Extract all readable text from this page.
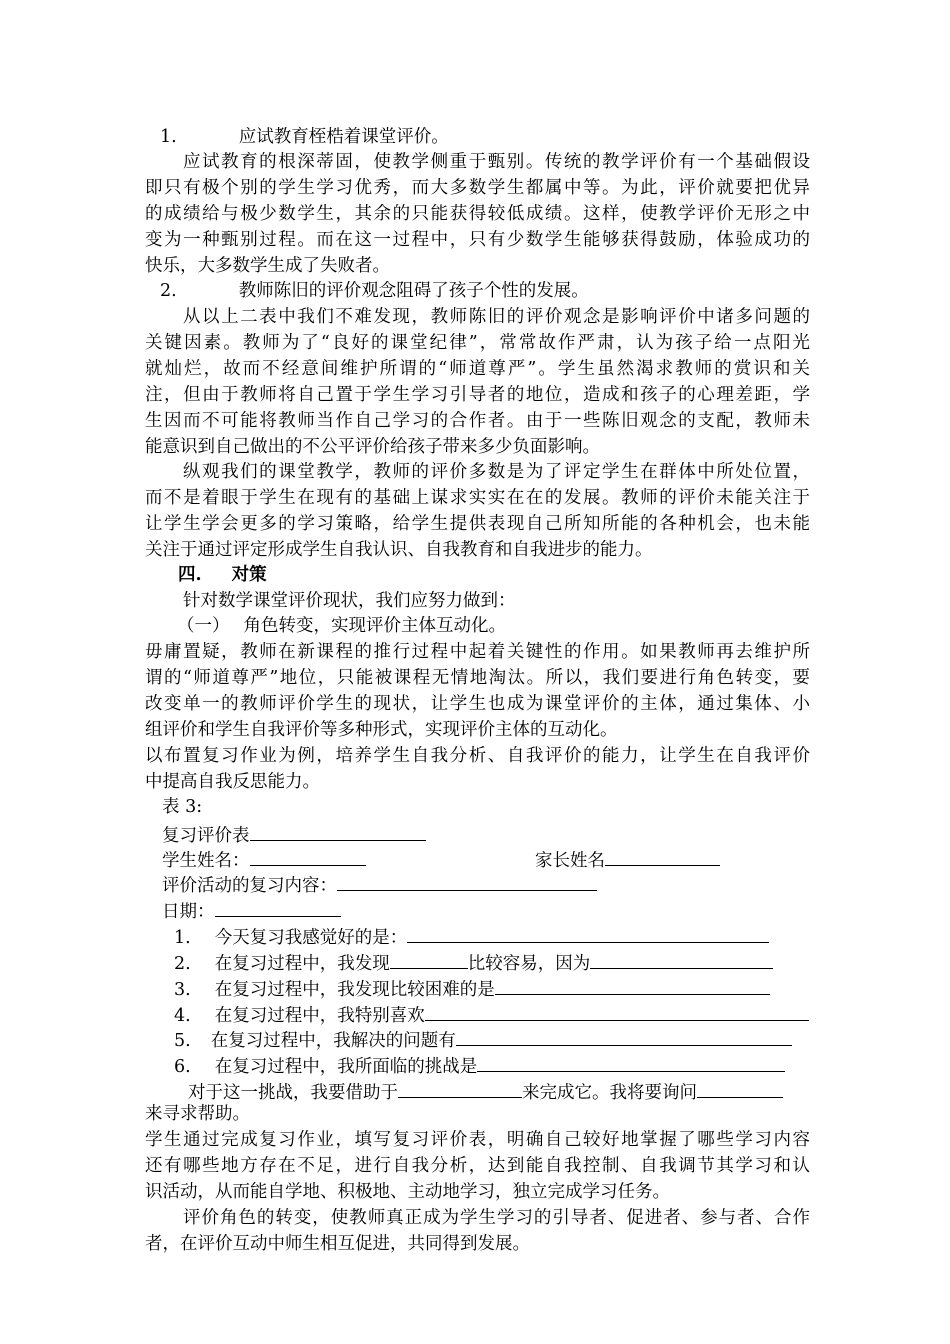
1.	应试教育桎梏着课堂评价。
应试教育的根深蒂固，使教学侧重于甄别。传统的教学评价有一个基础假设
即只有极个别的学生学习优秀，而大多数学生都属中等。为此，评价就要把优异
的成绩给与极少数学生，其余的只能获得较低成绩。这样，使教学评价无形之中
变为一种甄别过程。而在这一过程中，只有少数学生能够获得鼓励，体验成功的
快乐，大多数学生成了失败者。
2.	教师陈旧的评价观念阻碍了孩子个性的发展。
从以上二表中我们不难发现，教师陈旧的评价观念是影响评价中诸多问题的
关键因素。教师为了“良好的课堂纪律”，常常故作严肃，认为孩子给一点阳光
就灿烂，故而不经意间维护所谓的“师道尊严”。学生虽然渴求教师的赏识和关
注，但由于教师将自己置于学生学习引导者的地位，造成和孩子的心理差距，学
生因而不可能将教师当作自己学习的合作者。由于一些陈旧观念的支配，教师未
能意识到自己做出的不公平评价给孩子带来多少负面影响。
纵观我们的课堂教学，教师的评价多数是为了评定学生在群体中所处位置，
而不是着眼于学生在现有的基础上谋求实实在在的发展。教师的评价未能关注于
让学生学会更多的学习策略，给学生提供表现自己所知所能的各种机会，也未能
关注于通过评定形成学生自我认识、自我教育和自我进步的能力。
四. 对策
针对数学课堂评价现状，我们应努力做到：
（一） 角色转变，实现评价主体互动化。
毋庸置疑，教师在新课程的推行过程中起着关键性的作用。如果教师再去维护所
谓的“师道尊严”地位，只能被课程无情地淘汰。所以，我们要进行角色转变，要
改变单一的教师评价学生的现状，让学生也成为课堂评价的主体，通过集体、小
组评价和学生自我评价等多种形式，实现评价主体的互动化。
以布置复习作业为例，培养学生自我分析、自我评价的能力，让学生在自我评价
中提高自我反思能力。
表 3:
复习评价表
学生姓名：	家长姓名
评价活动的复习内容：
日期：
1. 今天复习我感觉好的是：
2. 在复习过程中，我发现	比较容易，因为
3. 在复习过程中，我发现比较困难的是
4. 在复习过程中，我特别喜欢
5. 在复习过程中，我解决的问题有
6. 在复习过程中，我所面临的挑战是
对于这一挑战，我要借助于	来完成它。我将要询问
来寻求帮助。
学生通过完成复习作业，填写复习评价表，明确自己较好地掌握了哪些学习内容
还有哪些地方存在不足，进行自我分析，达到能自我控制、自我调节其学习和认
识活动，从而能自学地、积极地、主动地学习，独立完成学习任务。
评价角色的转变，使教师真正成为学生学习的引导者、促进者、参与者、合作
者，在评价互动中师生相互促进，共同得到发展。
